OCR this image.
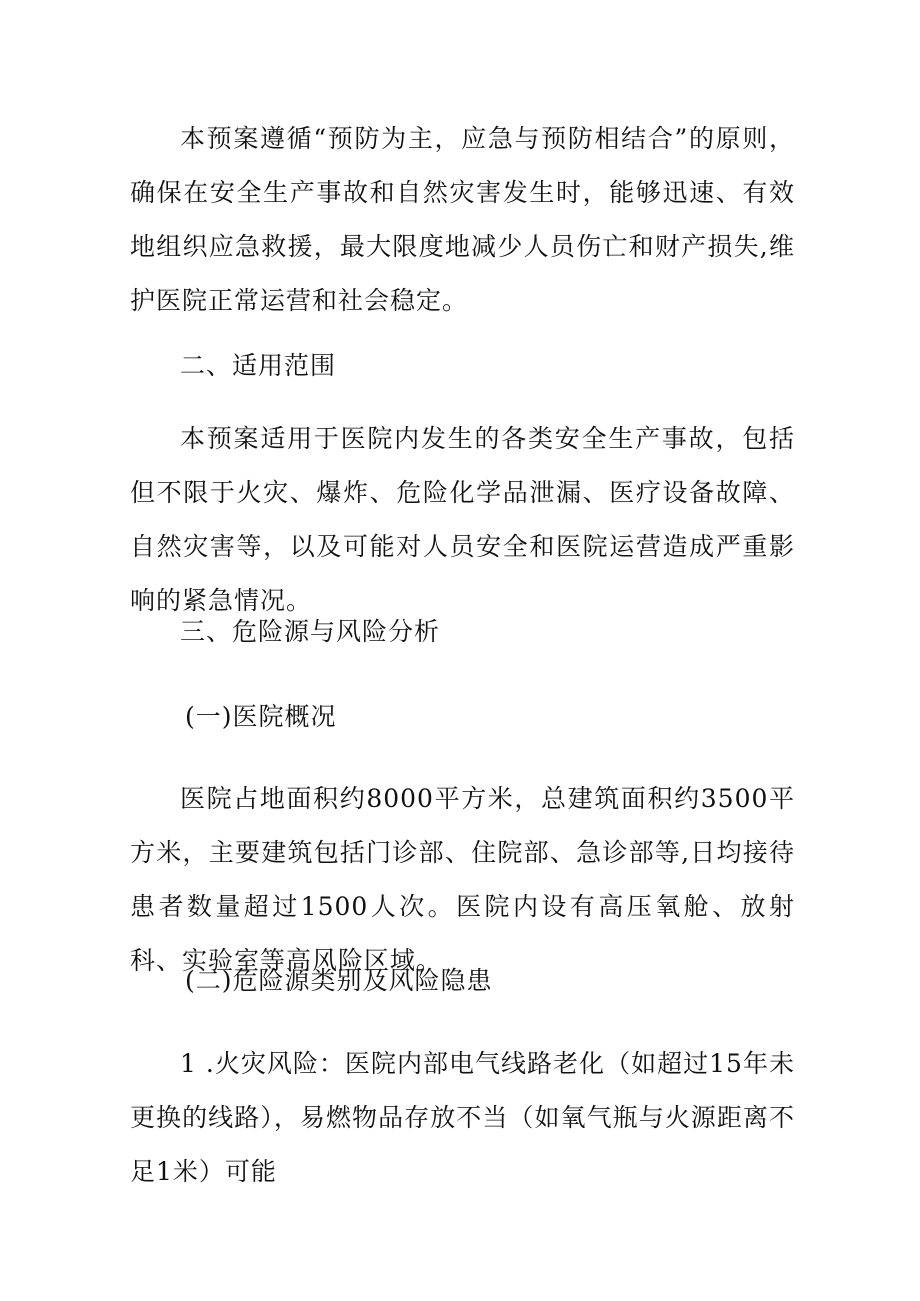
本预案遵循“预防为主，应急与预防相结合”的原则，确保在安全生产事故和自然灾害发生时，能够迅速、有效地组织应急救援，最大限度地减少人员伤亡和财产损失,维护医院正常运营和社会稳定。

二、适用范围

本预案适用于医院内发生的各类安全生产事故，包括但不限于火灾、爆炸、危险化学品泄漏、医疗设备故障、自然灾害等，以及可能对人员安全和医院运营造成严重影响的紧急情况。

三、危险源与风险分析
(一)医院概况

医院占地面积约8000平方米，总建筑面积约3500平方米，主要建筑包括门诊部、住院部、急诊部等,日均接待患者数量超过1500人次。医院内设有高压氧舱、放射科、实验室等高风险区域。

(二)危险源类别及风险隐患

1 .火灾风险：医院内部电气线路老化（如超过15年未更换的线路），易燃物品存放不当（如氧气瓶与火源距离不足1米）可能
